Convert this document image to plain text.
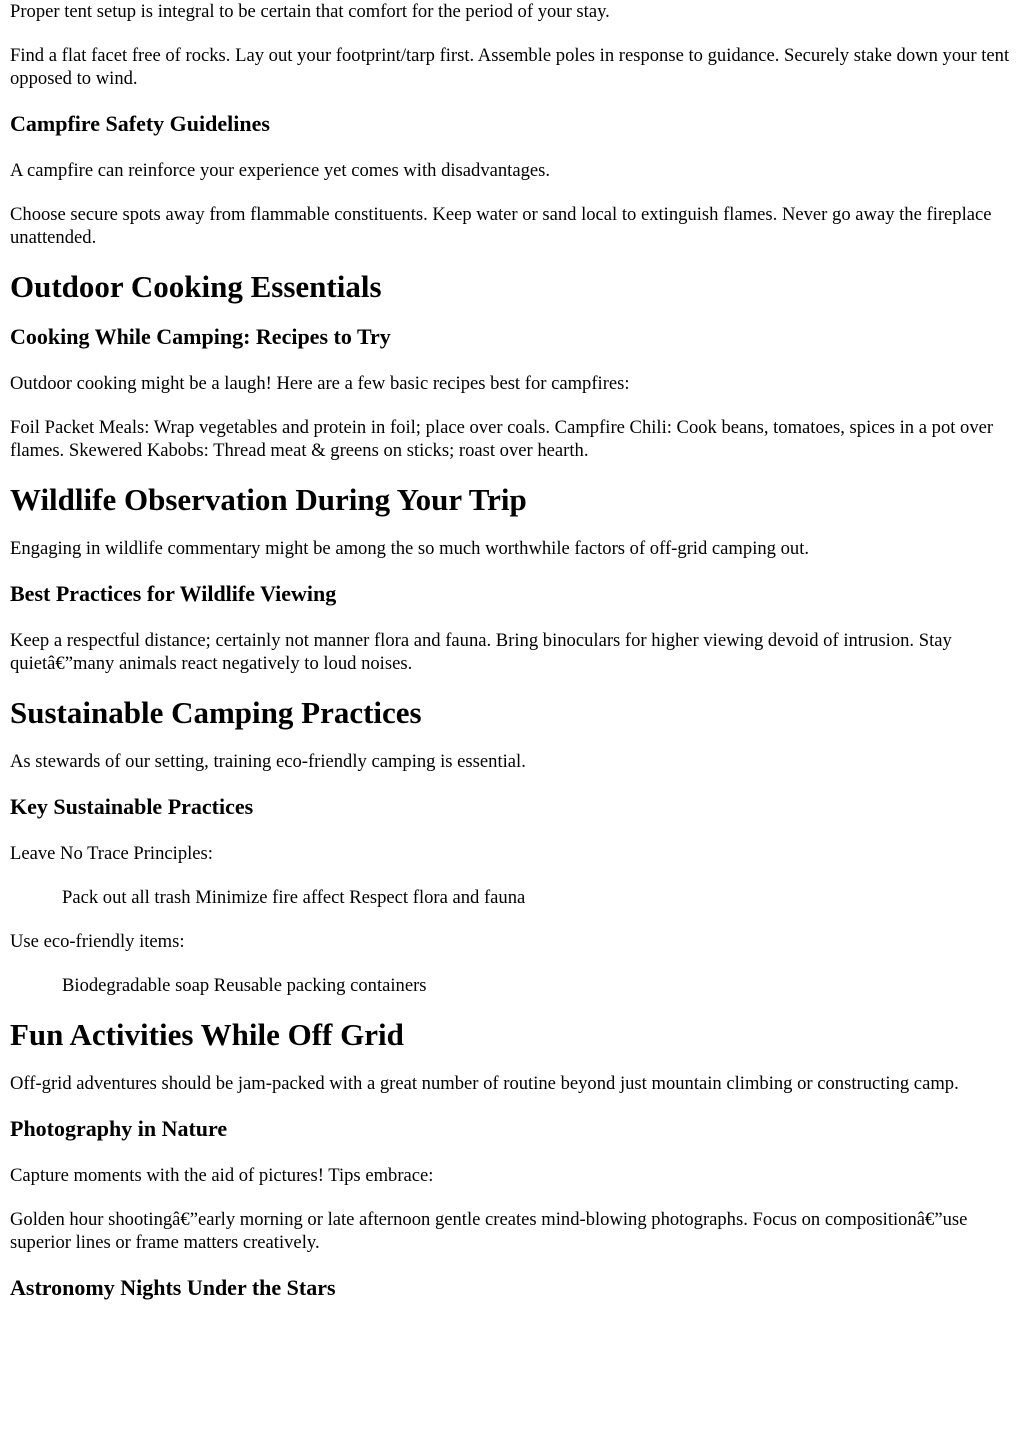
Proper tent setup is integral to be certain that comfort for the period of your stay.

Find a flat facet free of rocks. Lay out your footprint/tarp first. Assemble poles in response to guidance. Securely stake down your tent opposed to wind.

Campfire Safety Guidelines

A campfire can reinforce your experience yet comes with disadvantages.

Choose secure spots away from flammable constituents. Keep water or sand local to extinguish flames. Never go away the fireplace unattended.

Outdoor Cooking Essentials
Cooking While Camping: Recipes to Try

Outdoor cooking might be a laugh! Here are a few basic recipes best for campfires:

Foil Packet Meals: Wrap vegetables and protein in foil; place over coals. Campfire Chili: Cook beans, tomatoes, spices in a pot over flames. Skewered Kabobs: Thread meat & greens on sticks; roast over hearth.

Wildlife Observation During Your Trip

Engaging in wildlife commentary might be among the so much worthwhile factors of off-grid camping out.

Best Practices for Wildlife Viewing

Keep a respectful distance; certainly not manner flora and fauna. Bring binoculars for higher viewing devoid of intrusion. Stay quietâ€”many animals react negatively to loud noises.

Sustainable Camping Practices

As stewards of our setting, training eco-friendly camping is essential.

Key Sustainable Practices

Leave No Trace Principles:

Pack out all trash Minimize fire affect Respect flora and fauna

Use eco-friendly items:

Biodegradable soap Reusable packing containers

Fun Activities While Off Grid

Off-grid adventures should be jam-packed with a great number of routine beyond just mountain climbing or constructing camp.

Photography in Nature

Capture moments with the aid of pictures! Tips embrace:

Golden hour shootingâ€”early morning or late afternoon gentle creates mind-blowing photographs. Focus on compositionâ€”use superior lines or frame matters creatively.

Astronomy Nights Under the Stars
